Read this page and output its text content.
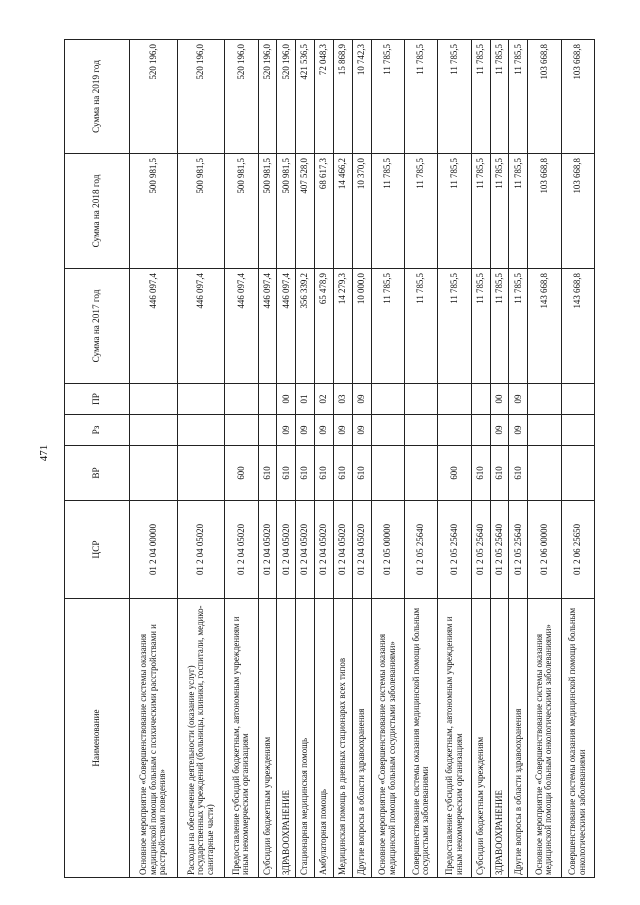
471
Наименование	ЦСР	ВР	Рз	ПР	Сумма на 2017 год	Сумма на 2018 год	Сумма на 2019 год
Основное мероприятие «Совершенствование системы оказания медицинской помощи больным с психическими расстройствами и расстройствами поведения»	01 2 04 00000				446 097,4	500 981,5	520 196,0
Расходы на обеспечение деятельности (оказание услуг) государственных учреждений (больницы, клиники, госпитали, медико-санитарные части)	01 2 04 05020				446 097,4	500 981,5	520 196,0
Предоставление субсидий бюджетным, автономным учреждениям и иным некоммерческим организациям	01 2 04 05020	600			446 097,4	500 981,5	520 196,0
Субсидии бюджетным учреждениям	01 2 04 05020	610			446 097,4	500 981,5	520 196,0
ЗДРАВООХРАНЕНИЕ	01 2 04 05020	610	09	00	446 097,4	500 981,5	520 196,0
Стационарная медицинская помощь	01 2 04 05020	610	09	01	356 339,2	407 528,0	421 536,5
Амбулаторная помощь	01 2 04 05020	610	09	02	65 478,9	68 617,3	72 048,3
Медицинская помощь в дневных стационарах всех типов	01 2 04 05020	610	09	03	14 279,3	14 466,2	15 868,9
Другие вопросы в области здравоохранения	01 2 04 05020	610	09	09	10 000,0	10 370,0	10 742,3
Основное мероприятие «Совершенствование системы оказания медицинской помощи больным сосудистыми заболеваниями»	01 2 05 00000				11 785,5	11 785,5	11 785,5
Совершенствование системы оказания медицинской помощи больным сосудистыми заболеваниями	01 2 05 25640				11 785,5	11 785,5	11 785,5
Предоставление субсидий бюджетным, автономным учреждениям и иным некоммерческим организациям	01 2 05 25640	600			11 785,5	11 785,5	11 785,5
Субсидии бюджетным учреждениям	01 2 05 25640	610			11 785,5	11 785,5	11 785,5
ЗДРАВООХРАНЕНИЕ	01 2 05 25640	610	09	00	11 785,5	11 785,5	11 785,5
Другие вопросы в области здравоохранения	01 2 05 25640	610	09	09	11 785,5	11 785,5	11 785,5
Основное мероприятие «Совершенствование системы оказания медицинской помощи больным онкологическими заболеваниями»	01 2 06 00000				143 668,8	103 668,8	103 668,8
Совершенствование системы оказания медицинской помощи больным онкологическими заболеваниями	01 2 06 25650				143 668,8	103 668,8	103 668,8
